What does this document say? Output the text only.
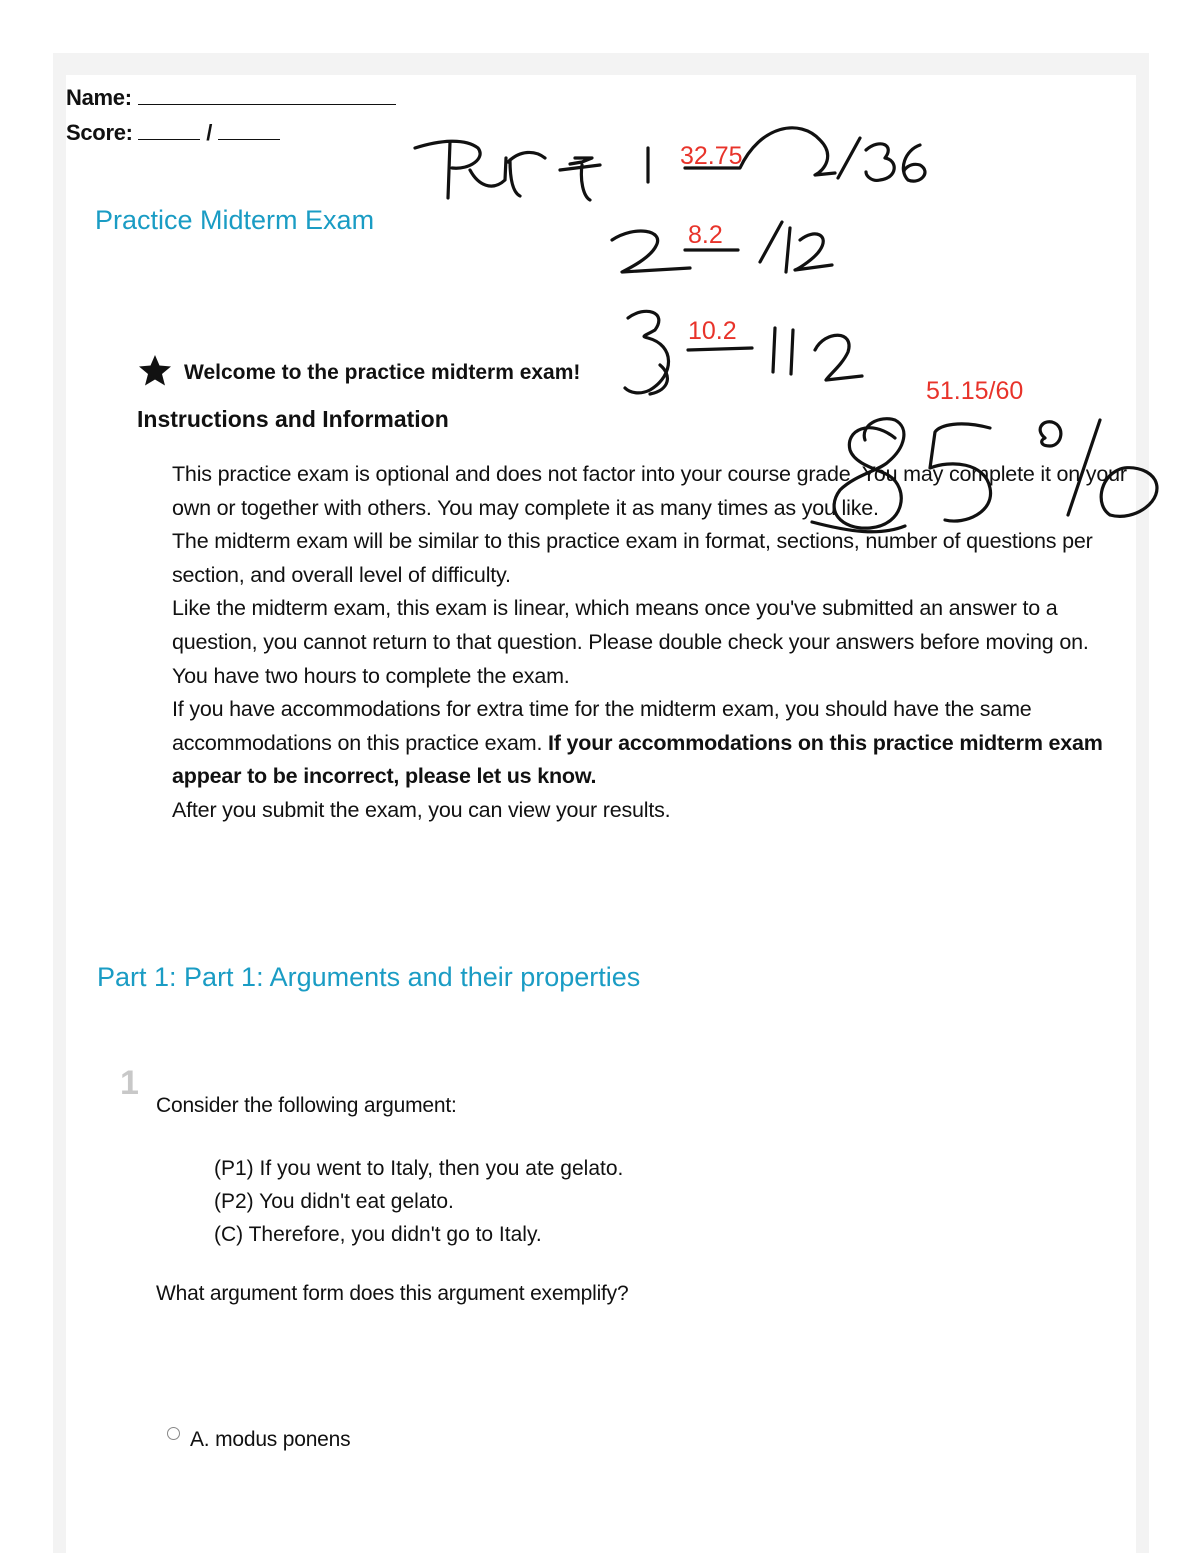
Name:
Score:	/
Practice Midterm Exam
Welcome to the practice midterm exam!
Instructions and Information

This practice exam is optional and does not factor into your course grade. You may complete it on your own or together with others. You may complete it as many times as you like.

The midterm exam will be similar to this practice exam in format, sections, number of questions per section, and overall level of difficulty.

Like the midterm exam, this exam is linear, which means once you've submitted an answer to a question, you cannot return to that question. Please double check your answers before moving on.

You have two hours to complete the exam.

If you have accommodations for extra time for the midterm exam, you should have the same accommodations on this practice exam. If your accommodations on this practice midterm exam appear to be incorrect, please let us know.

After you submit the exam, you can view your results.

Part 1: Part 1: Arguments and their properties
1
Consider the following argument:
(P1) If you went to Italy, then you ate gelato.
(P2) You didn't eat gelato.
(C) Therefore, you didn't go to Italy.
What argument form does this argument exemplify?
A. modus ponens
32.75
8.2
10.2
51.15/60
